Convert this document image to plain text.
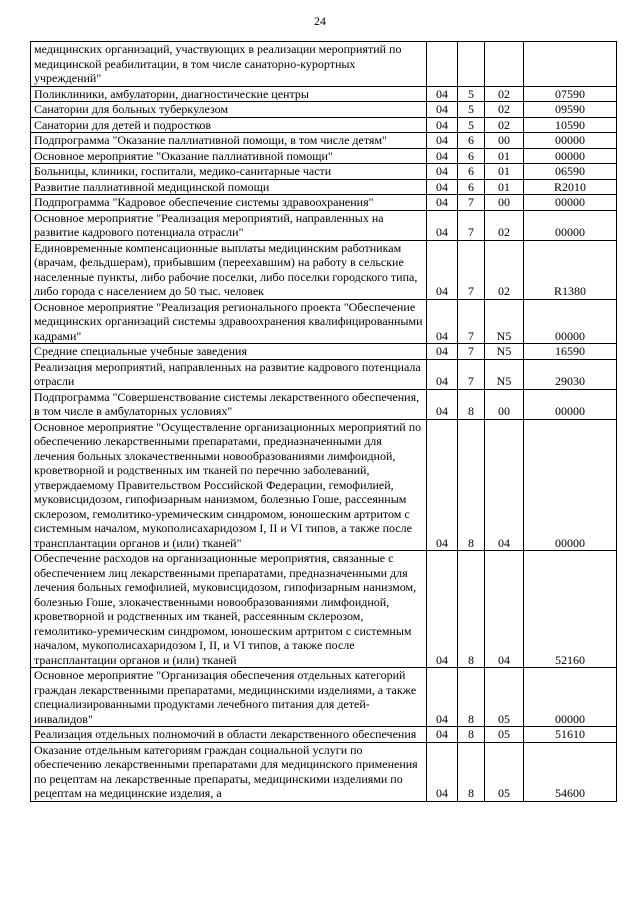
24
медицинских организаций, участвующих в реализации мероприятий по медицинской реабилитации, в том числе санаторно-курортных учреждений"				
Поликлиники, амбулатории, диагностические центры	04	5	02	07590
Санатории для больных туберкулезом	04	5	02	09590
Санатории для детей и подростков	04	5	02	10590
Подпрограмма "Оказание паллиативной помощи, в том числе детям"	04	6	00	00000
Основное мероприятие "Оказание паллиативной помощи"	04	6	01	00000
Больницы, клиники, госпитали, медико-санитарные части	04	6	01	06590
Развитие паллиативной медицинской помощи	04	6	01	R2010
Подпрограмма "Кадровое обеспечение системы здравоохранения"	04	7	00	00000
Основное мероприятие "Реализация мероприятий, направленных на развитие кадрового потенциала отрасли"	04	7	02	00000
Единовременные компенсационные выплаты медицинским работникам (врачам, фельдшерам), прибывшим (переехавшим) на работу в сельские населенные пункты, либо рабочие поселки, либо поселки городского типа, либо города с населением до 50 тыс. человек	04	7	02	R1380
Основное мероприятие "Реализация регионального проекта "Обеспечение медицинских организаций системы здравоохранения квалифицированными кадрами"	04	7	N5	00000
Средние специальные учебные заведения	04	7	N5	16590
Реализация мероприятий, направленных на развитие кадрового потенциала отрасли	04	7	N5	29030
Подпрограмма "Совершенствование системы лекарственного обеспечения, в том числе в амбулаторных условиях"	04	8	00	00000
Основное мероприятие "Осуществление организационных мероприятий по обеспечению лекарственными препаратами, предназначенными для лечения больных злокачественными новообразованиями лимфоидной, кроветворной и родственных им тканей по перечню заболеваний, утверждаемому Правительством Российской Федерации, гемофилией, муковисцидозом, гипофизарным нанизмом, болезнью Гоше, рассеянным склерозом, гемолитико-уремическим синдромом, юношеским артритом с системным началом, мукополисахаридозом I, II и VI типов, а также после трансплантации органов и (или) тканей"	04	8	04	00000
Обеспечение расходов на организационные мероприятия, связанные с обеспечением лиц лекарственными препаратами, предназначенными для лечения больных гемофилией, муковисцидозом, гипофизарным нанизмом, болезнью Гоше, злокачественными новообразованиями лимфоидной, кроветворной и родственных им тканей, рассеянным склерозом, гемолитико-уремическим синдромом, юношеским артритом с системным началом, мукополисахаридозом I, II, и VI типов, а также после трансплантации органов и (или) тканей	04	8	04	52160
Основное мероприятие "Организация обеспечения отдельных категорий граждан лекарственными препаратами, медицинскими изделиями, а также специализированными продуктами лечебного питания для детей-инвалидов"	04	8	05	00000
Реализация отдельных полномочий в области лекарственного обеспечения	04	8	05	51610
Оказание отдельным категориям граждан социальной услуги по обеспечению лекарственными препаратами для медицинского применения по рецептам на лекарственные препараты, медицинскими изделиями по рецептам на медицинские изделия, а	04	8	05	54600
